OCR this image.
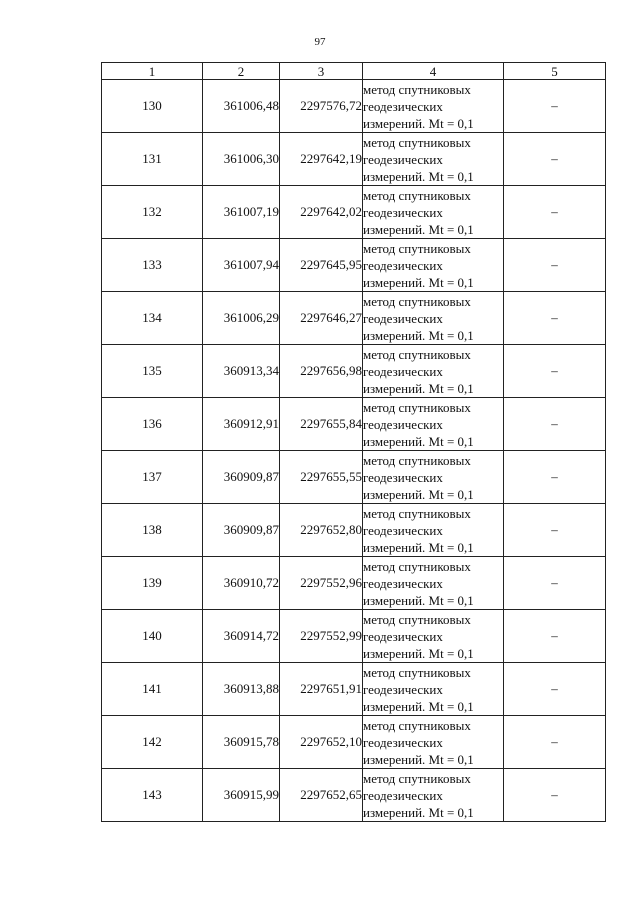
97
1	2	3	4	5
130	361006,48	2297576,72	метод спутниковых
геодезических
измерений. Mt = 0,1	–
131	361006,30	2297642,19	метод спутниковых
геодезических
измерений. Mt = 0,1	–
132	361007,19	2297642,02	метод спутниковых
геодезических
измерений. Mt = 0,1	–
133	361007,94	2297645,95	метод спутниковых
геодезических
измерений. Mt = 0,1	–
134	361006,29	2297646,27	метод спутниковых
геодезических
измерений. Mt = 0,1	–
135	360913,34	2297656,98	метод спутниковых
геодезических
измерений. Mt = 0,1	–
136	360912,91	2297655,84	метод спутниковых
геодезических
измерений. Mt = 0,1	–
137	360909,87	2297655,55	метод спутниковых
геодезических
измерений. Mt = 0,1	–
138	360909,87	2297652,80	метод спутниковых
геодезических
измерений. Mt = 0,1	–
139	360910,72	2297552,96	метод спутниковых
геодезических
измерений. Mt = 0,1	–
140	360914,72	2297552,99	метод спутниковых
геодезических
измерений. Mt = 0,1	–
141	360913,88	2297651,91	метод спутниковых
геодезических
измерений. Mt = 0,1	–
142	360915,78	2297652,10	метод спутниковых
геодезических
измерений. Mt = 0,1	–
143	360915,99	2297652,65	метод спутниковых
геодезических
измерений. Mt = 0,1	–
